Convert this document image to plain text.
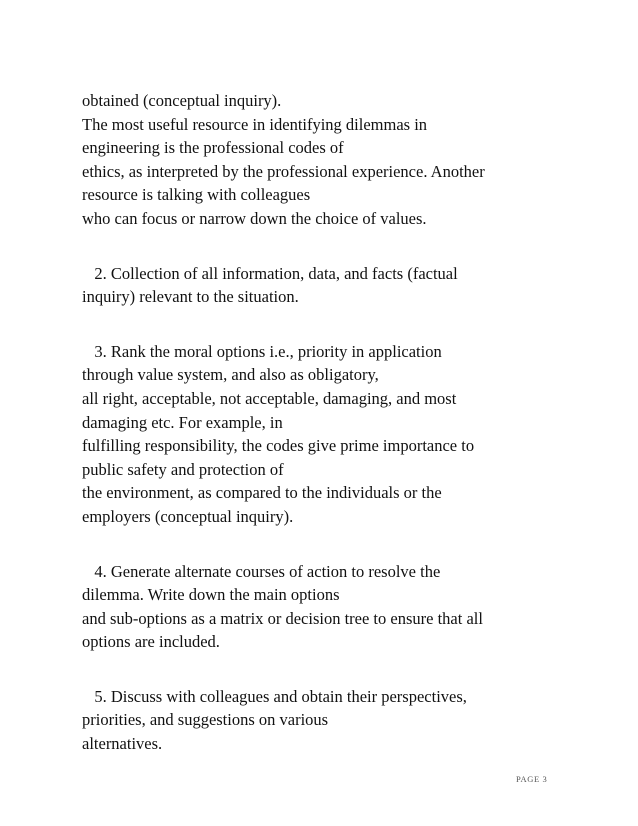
obtained (conceptual inquiry).
The most useful resource in identifying dilemmas in
engineering is the professional codes of
ethics, as interpreted by the professional experience. Another
resource is talking with colleagues
who can focus or narrow down the choice of values.
2. Collection of all information, data, and facts (factual
inquiry) relevant to the situation.
3. Rank the moral options i.e., priority in application
through value system, and also as obligatory,
all right, acceptable, not acceptable, damaging, and most
damaging etc. For example, in
fulfilling responsibility, the codes give prime importance to
public safety and protection of
the environment, as compared to the individuals or the
employers (conceptual inquiry).
4. Generate alternate courses of action to resolve the
dilemma. Write down the main options
and sub-options as a matrix or decision tree to ensure that all
options are included.
5. Discuss with colleagues and obtain their perspectives,
priorities, and suggestions on various
alternatives.
PAGE 3
